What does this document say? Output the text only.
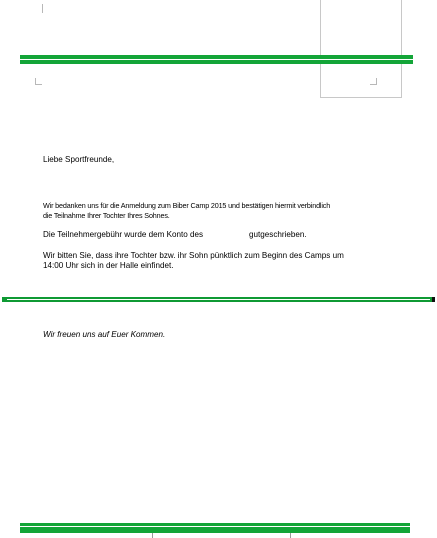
Liebe Sportfreunde,
Wir bedanken uns für die Anmeldung zum Biber Camp 2015 und bestätigen hiermit verbindlich
die Teilnahme Ihrer Tochter Ihres Sohnes.
Die Teilnehmergebühr wurde dem Konto des	gutgeschrieben.
Wir bitten Sie, dass ihre Tochter bzw. ihr Sohn pünktlich zum Beginn des Camps um
14:00 Uhr sich in der Halle einfindet.
Wir freuen uns auf Euer Kommen.
